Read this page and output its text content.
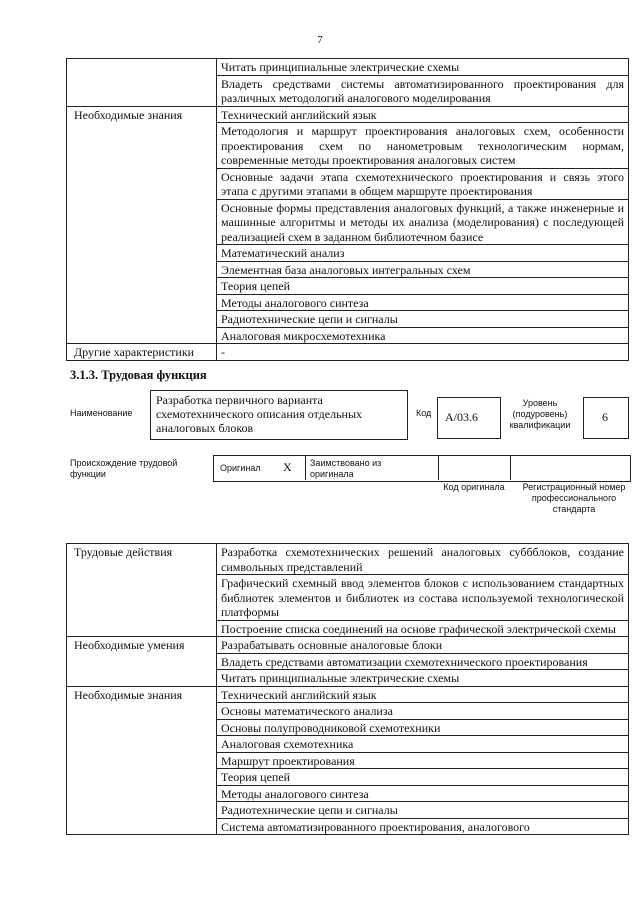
7
	Читать принципиальные электрические схемы
	Владеть средствами системы автоматизированного проектирования для различных методологий аналогового моделирования
Необходимые знания	Технический английский язык
	Методология и маршрут проектирования аналоговых схем, особенности проектирования схем по нанометровым технологическим нормам, современные методы проектирования аналоговых систем
	Основные задачи этапа схемотехнического проектирования и связь этого этапа с другими этапами в общем маршруте проектирования
	Основные формы представления аналоговых функций, а также инженерные и машинные алгоритмы и методы их анализа (моделирования) с последующей реализацией схем в заданном библиотечном базисе
	Математический анализ
	Элементная база аналоговых интегральных схем
	Теория цепей
	Методы аналогового синтеза
	Радиотехнические цепи и сигналы
	Аналоговая микросхемотехника
Другие характеристики	-
3.1.3. Трудовая функция
Наименование
Разработка первичного варианта схемотехнического описания отдельных аналоговых блоков
Код A/03.6
Уровень (подуровень) квалификации
6
Происхождение трудовой функции
Оригинал X Заимствовано из оригинала
Код оригинала	Регистрационный номер профессионального стандарта
Трудовые действия	Разработка схемотехнических решений аналоговых суббблоков, создание символьных представлений
	Графический схемный ввод элементов блоков с использованием стандартных библиотек элементов и библиотек из состава используемой технологической платформы
	Построение списка соединений на основе графической электрической схемы
Необходимые умения	Разрабатывать основные аналоговые блоки
	Владеть средствами автоматизации схемотехнического проектирования
	Читать принципиальные электрические схемы
Необходимые знания	Технический английский язык
	Основы математического анализа
	Основы полупроводниковой схемотехники
	Аналоговая схемотехника
	Маршрут проектирования
	Теория цепей
	Методы аналогового синтеза
	Радиотехнические цепи и сигналы
	Система автоматизированного проектирования, аналогового
